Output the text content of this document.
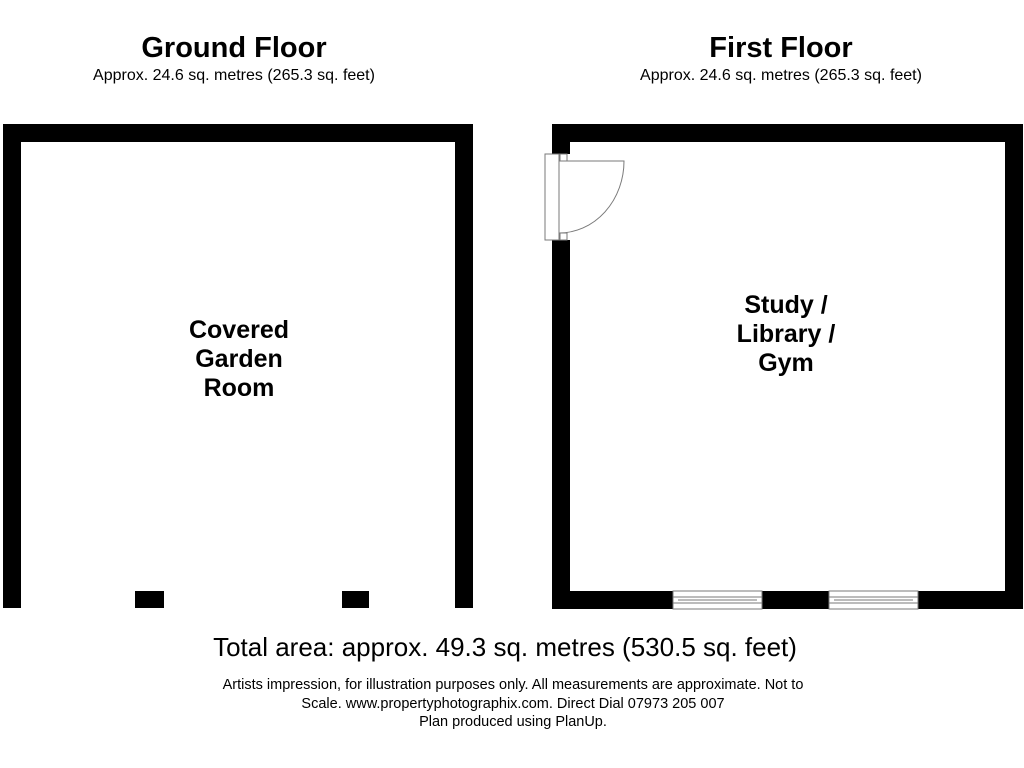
Ground Floor
Approx. 24.6 sq. metres (265.3 sq. feet)
First Floor
Approx. 24.6 sq. metres (265.3 sq. feet)
Covered
Garden
Room
Study /
Library /
Gym
Total area: approx. 49.3 sq. metres (530.5 sq. feet)
Artists impression, for illustration purposes only. All measurements are approximate. Not to
Scale. www.propertyphotographix.com. Direct Dial 07973 205 007
Plan produced using PlanUp.
